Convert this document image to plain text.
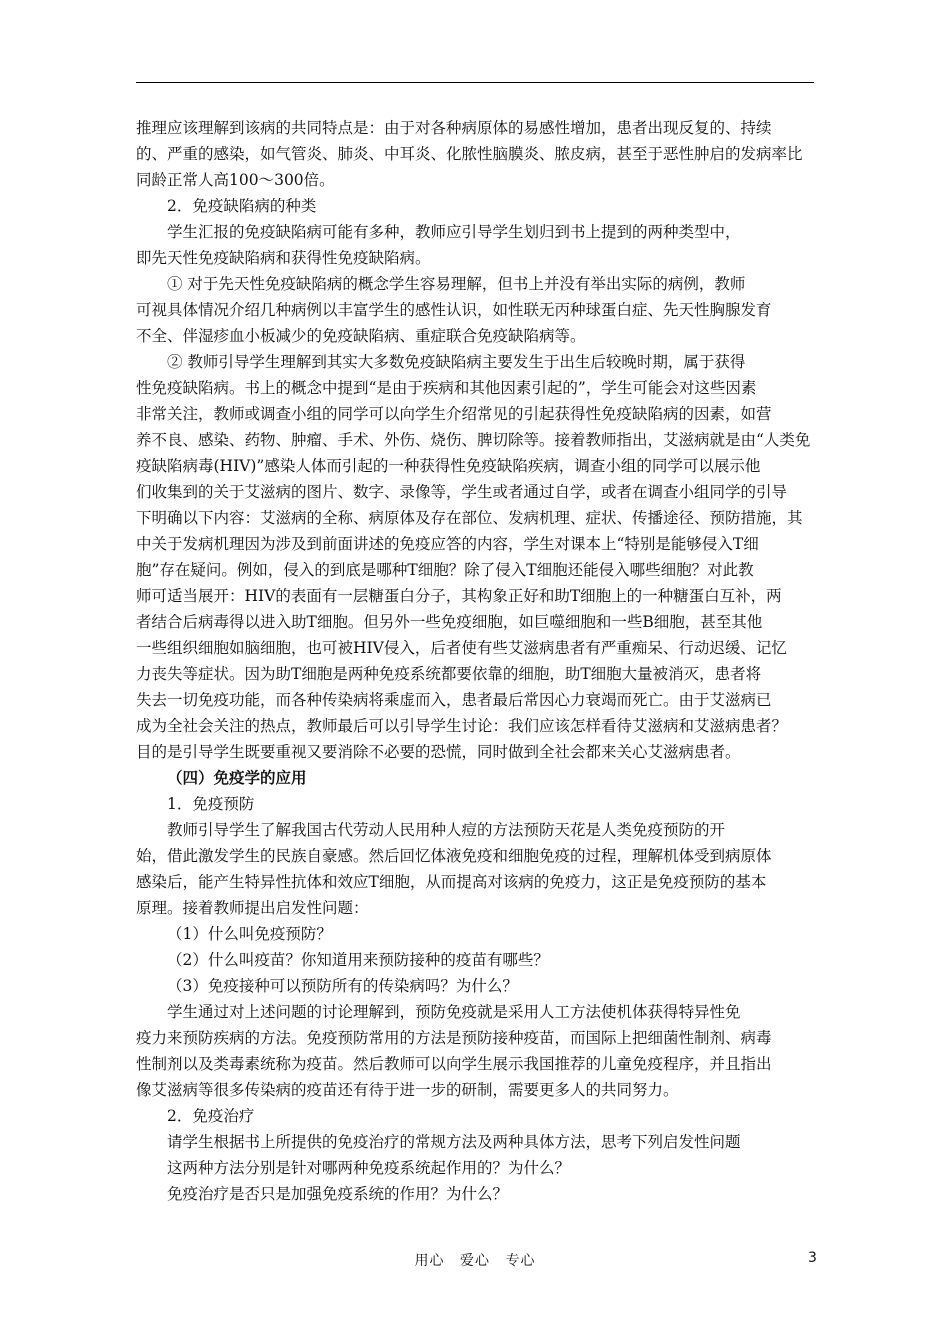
推理应该理解到该病的共同特点是：由于对各种病原体的易感性增加，患者出现反复的、持续

的、严重的感染，如气管炎、肺炎、中耳炎、化脓性脑膜炎、脓皮病，甚至于恶性肿启的发病率比

同龄正常人高100～300倍。

2．免疫缺陷病的种类

学生汇报的免疫缺陷病可能有多种，教师应引导学生划归到书上提到的两种类型中，

即先天性免疫缺陷病和获得性免疫缺陷病。

① 对于先天性免疫缺陷病的概念学生容易理解，但书上并没有举出实际的病例，教师

可视具体情况介绍几种病例以丰富学生的感性认识，如性联无丙种球蛋白症、先天性胸腺发育

不全、伴湿疹血小板减少的免疫缺陷病、重症联合免疫缺陷病等。

② 教师引导学生理解到其实大多数免疫缺陷病主要发生于出生后较晚时期，属于获得

性免疫缺陷病。书上的概念中提到“是由于疾病和其他因素引起的”，学生可能会对这些因素

非常关注，教师或调查小组的同学可以向学生介绍常见的引起获得性免疫缺陷病的因素，如营

养不良、感染、药物、肿瘤、手术、外伤、烧伤、脾切除等。接着教师指出，艾滋病就是由“人类免

疫缺陷病毒(HIV)”感染人体而引起的一种获得性免疫缺陷疾病，调查小组的同学可以展示他

们收集到的关于艾滋病的图片、数字、录像等，学生或者通过自学，或者在调查小组同学的引导

下明确以下内容：艾滋病的全称、病原体及存在部位、发病机理、症状、传播途径、预防措施，其

中关于发病机理因为涉及到前面讲述的免疫应答的内容，学生对课本上“特别是能够侵入T细

胞”存在疑问。例如，侵入的到底是哪种T细胞？除了侵入T细胞还能侵入哪些细胞？对此教

师可适当展开：HIV的表面有一层糖蛋白分子，其构象正好和助T细胞上的一种糖蛋白互补，两

者结合后病毒得以进入助T细胞。但另外一些免疫细胞，如巨噬细胞和一些B细胞，甚至其他

一些组织细胞如脑细胞，也可被HIV侵入，后者使有些艾滋病患者有严重痴呆、行动迟缓、记忆

力丧失等症状。因为助T细胞是两种免疫系统都要依靠的细胞，助T细胞大量被消灭，患者将

失去一切免疫功能，而各种传染病将乘虚而入，患者最后常因心力衰竭而死亡。由于艾滋病已

成为全社会关注的热点，教师最后可以引导学生讨论：我们应该怎样看待艾滋病和艾滋病患者？

目的是引导学生既要重视又要消除不必要的恐慌，同时做到全社会都来关心艾滋病患者。

（四）免疫学的应用

1．免疫预防

教师引导学生了解我国古代劳动人民用种人痘的方法预防天花是人类免疫预防的开

始，借此激发学生的民族自豪感。然后回忆体液免疫和细胞免疫的过程，理解机体受到病原体

感染后，能产生特异性抗体和效应T细胞，从而提高对该病的免疫力，这正是免疫预防的基本

原理。接着教师提出启发性问题：

（1）什么叫免疫预防？

（2）什么叫疫苗？你知道用来预防接种的疫苗有哪些？

（3）免疫接种可以预防所有的传染病吗？为什么？

学生通过对上述问题的讨论理解到，预防免疫就是采用人工方法使机体获得特异性免

疫力来预防疾病的方法。免疫预防常用的方法是预防接种疫苗，而国际上把细菌性制剂、病毒

性制剂以及类毒素统称为疫苗。然后教师可以向学生展示我国推荐的儿童免疫程序，并且指出

像艾滋病等很多传染病的疫苗还有待于进一步的研制，需要更多人的共同努力。

2．免疫治疗

请学生根据书上所提供的免疫治疗的常规方法及两种具体方法，思考下列启发性问题

这两种方法分别是针对哪两种免疫系统起作用的？为什么？

免疫治疗是否只是加强免疫系统的作用？为什么？

用心 爱心 专心	3
